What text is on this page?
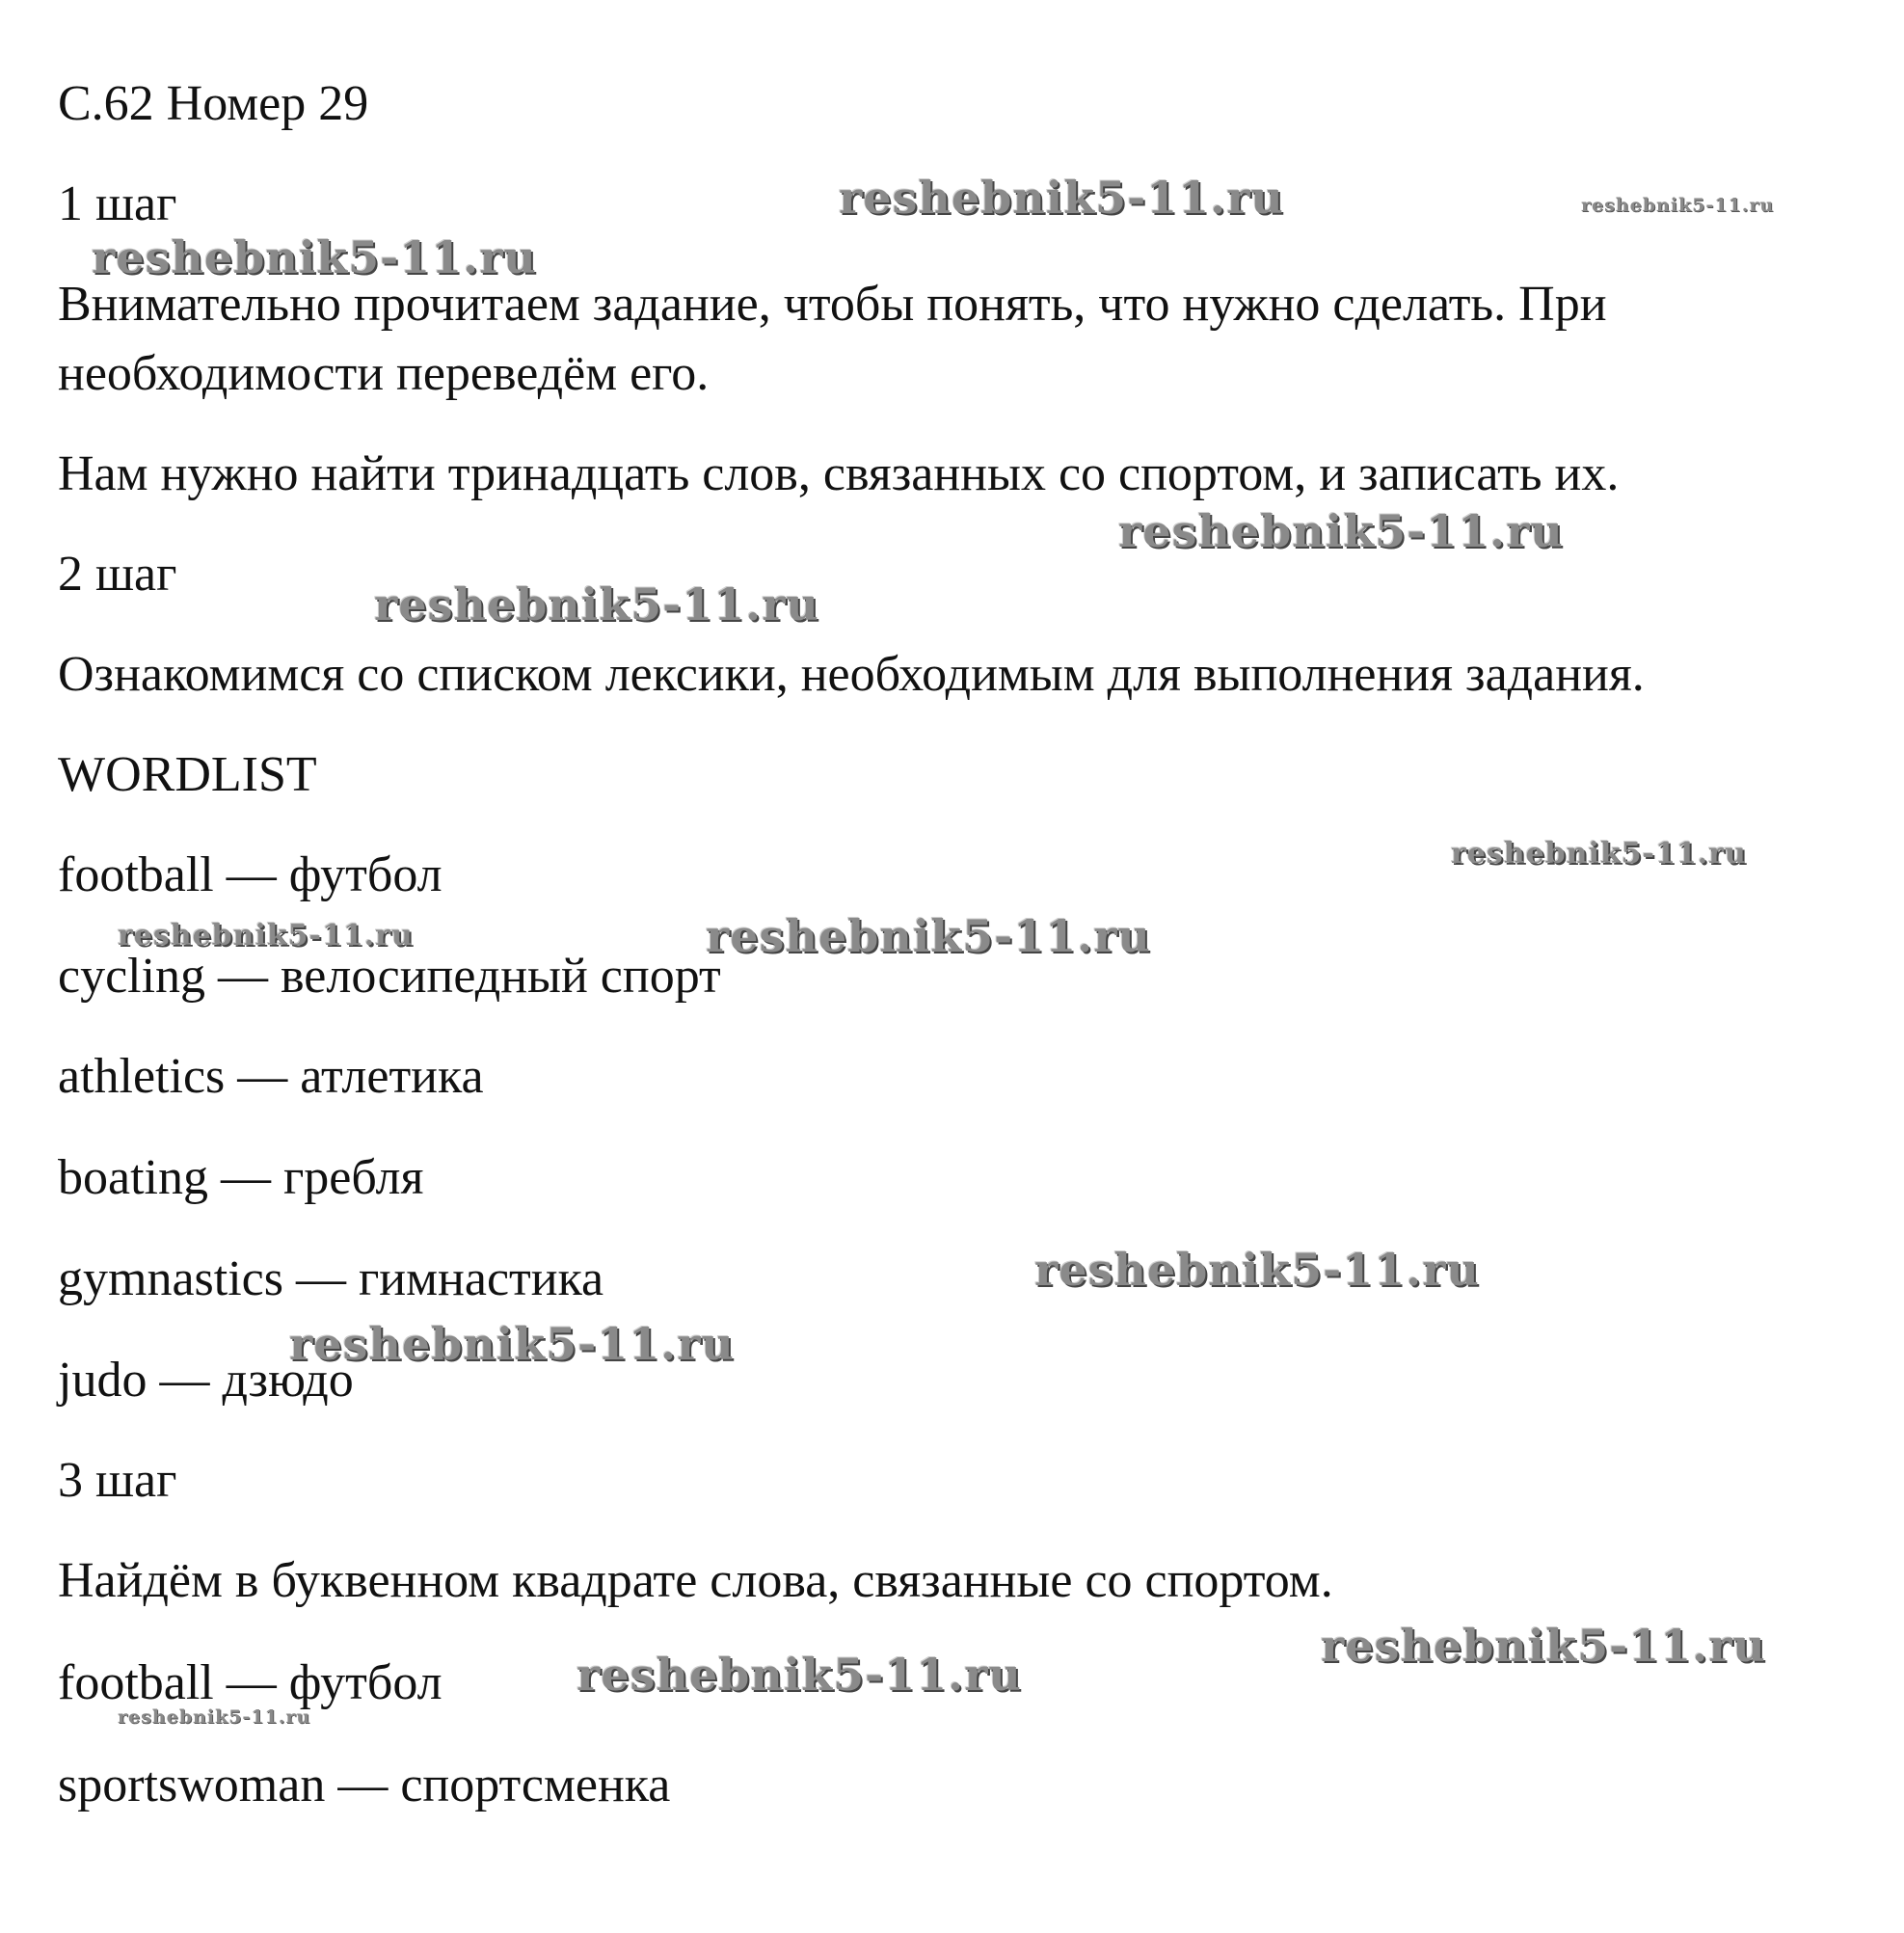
С.62 Номер 29
1 шаг
Внимательно прочитаем задание, чтобы понять, что нужно сделать. При
необходимости переведём его.
Нам нужно найти тринадцать слов, связанных со спортом, и записать их.
2 шаг
Ознакомимся со списком лексики, необходимым для выполнения задания.
WORDLIST
football — футбол
cycling — велосипедный спорт
athletics — атлетика
boating — гребля
gymnastics — гимнастика
judo — дзюдо
3 шаг
Найдём в буквенном квадрате слова, связанные со спортом.
football — футбол
sportswoman — спортсменка
reshebnik5-11.ru	reshebnik5-11.ru
reshebnik5-11.ru
reshebnik5-11.ru
reshebnik5-11.ru
reshebnik5-11.ru
reshebnik5-11.ru	reshebnik5-11.ru
reshebnik5-11.ru
reshebnik5-11.ru
reshebnik5-11.ru
reshebnik5-11.ru
reshebnik5-11.ru
